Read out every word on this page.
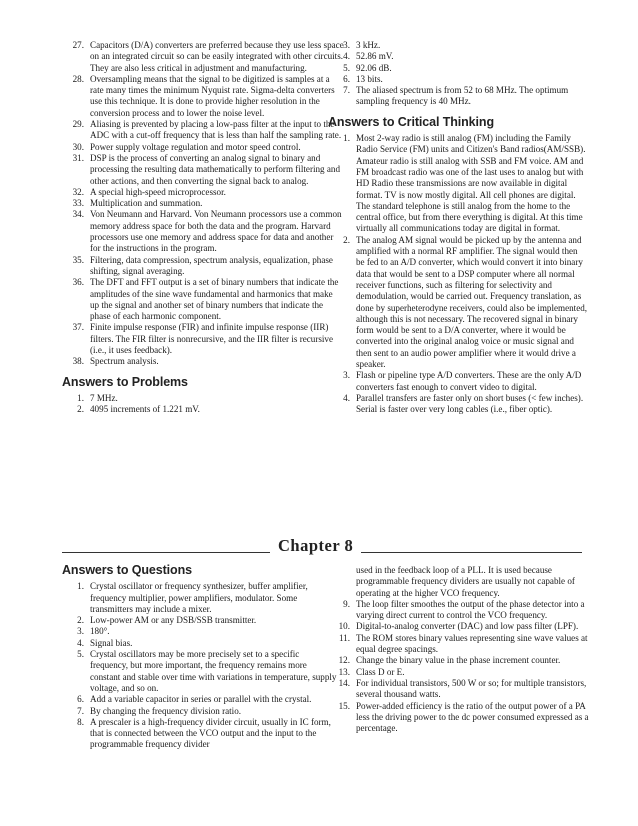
27. Capacitors (D/A) converters are preferred because they use less space on an integrated circuit so can be easily integrated with other circuits. They are also less critical in adjustment and manufacturing.
28. Oversampling means that the signal to be digitized is samples at a rate many times the minimum Nyquist rate. Sigma-delta converters use this technique. It is done to provide higher resolution in the conversion process and to lower the noise level.
29. Aliasing is prevented by placing a low-pass filter at the input to the ADC with a cut-off frequency that is less than half the sampling rate.
30. Power supply voltage regulation and motor speed control.
31. DSP is the process of converting an analog signal to binary and processing the resulting data mathematically to perform filtering and other actions, and then converting the signal back to analog.
32. A special high-speed microprocessor.
33. Multiplication and summation.
34. Von Neumann and Harvard. Von Neumann processors use a common memory address space for both the data and the program. Harvard processors use one memory and address space for data and another for the instructions in the program.
35. Filtering, data compression, spectrum analysis, equalization, phase shifting, signal averaging.
36. The DFT and FFT output is a set of binary numbers that indicate the amplitudes of the sine wave fundamental and harmonics that make up the signal and another set of binary numbers that indicate the phase of each harmonic component.
37. Finite impulse response (FIR) and infinite impulse response (IIR) filters. The FIR filter is nonrecursive, and the IIR filter is recursive (i.e., it uses feedback).
38. Spectrum analysis.
Answers to Problems
1. 7 MHz.
2. 4095 increments of 1.221 mV.
3. 3 kHz.
4. 52.86 mV.
5. 92.06 dB.
6. 13 bits.
7. The aliased spectrum is from 52 to 68 MHz. The optimum sampling frequency is 40 MHz.
Answers to Critical Thinking
1. Most 2-way radio is still analog (FM) including the Family Radio Service (FM) units and Citizen's Band radios(AM/SSB). Amateur radio is still analog with SSB and FM voice. AM and FM broadcast radio was one of the last uses to analog but with HD Radio these transmissions are now available in digital format. TV is now mostly digital. All cell phones are digital. The standard telephone is still analog from the home to the central office, but from there everything is digital. At this time virtually all communications today are digital in format.
2. The analog AM signal would be picked up by the antenna and amplified with a normal RF amplifier. The signal would then be fed to an A/D converter, which would convert it into binary data that would be sent to a DSP computer where all normal receiver functions, such as filtering for selectivity and demodulation, would be carried out. Frequency translation, as done by superheterodyne receivers, could also be implemented, although this is not necessary. The recovered signal in binary form would be sent to a D/A converter, where it would be converted into the original analog voice or music signal and then sent to an audio power amplifier where it would drive a speaker.
3. Flash or pipeline type A/D converters. These are the only A/D converters fast enough to convert video to digital.
4. Parallel transfers are faster only on short buses (< few inches). Serial is faster over very long cables (i.e., fiber optic).
Chapter 8
Answers to Questions
1. Crystal oscillator or frequency synthesizer, buffer amplifier, frequency multiplier, power amplifiers, modulator. Some transmitters may include a mixer.
2. Low-power AM or any DSB/SSB transmitter.
3. 180°.
4. Signal bias.
5. Crystal oscillators may be more precisely set to a specific frequency, but more important, the frequency remains more constant and stable over time with variations in temperature, supply voltage, and so on.
6. Add a variable capacitor in series or parallel with the crystal.
7. By changing the frequency division ratio.
8. A prescaler is a high-frequency divider circuit, usually in IC form, that is connected between the VCO output and the input to the programmable frequency divider
used in the feedback loop of a PLL. It is used because programmable frequency dividers are usually not capable of operating at the higher VCO frequency.
9. The loop filter smoothes the output of the phase detector into a varying direct current to control the VCO frequency.
10. Digital-to-analog converter (DAC) and low pass filter (LPF).
11. The ROM stores binary values representing sine wave values at equal degree spacings.
12. Change the binary value in the phase increment counter.
13. Class D or E.
14. For individual transistors, 500 W or so; for multiple transistors, several thousand watts.
15. Power-added efficiency is the ratio of the output power of a PA less the driving power to the dc power consumed expressed as a percentage.
